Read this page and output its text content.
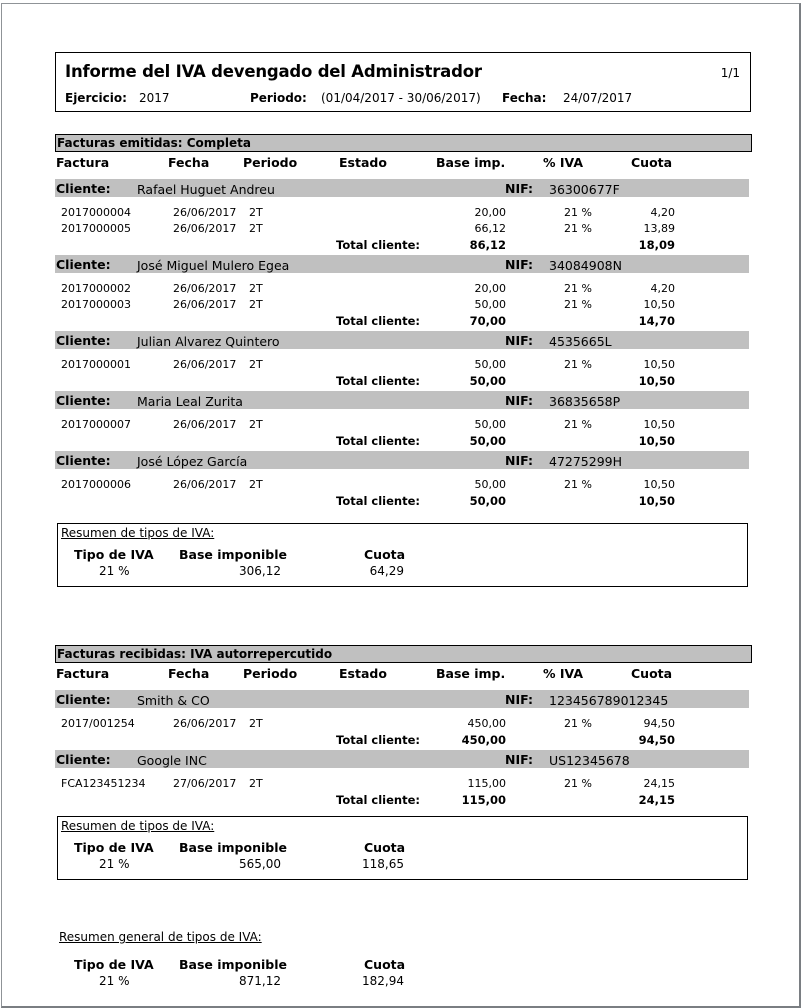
Informe del IVA devengado del Administrador	1/1
Ejercicio: 2017	Periodo: (01/04/2017 - 30/06/2017) Fecha: 24/07/2017
Facturas emitidas: Completa
Factura	Fecha	Periodo	Estado	Base imp.	% IVA	Cuota
Cliente: Rafael Huguet Andreu	NIF: 36300677F
2017000004	26/06/2017 2T	20,00	21 %	4,20
2017000005	26/06/2017 2T	66,12	21 %	13,89
Total cliente:	86,12	18,09
Cliente: José Miguel Mulero Egea	NIF: 34084908N
2017000002	26/06/2017 2T	20,00	21 %	4,20
2017000003	26/06/2017 2T	50,00	21 %	10,50
Total cliente:	70,00	14,70
Cliente: Julian Alvarez Quintero	NIF: 4535665L
2017000001	26/06/2017 2T	50,00	21 %	10,50
Total cliente:	50,00	10,50
Cliente: Maria Leal Zurita	NIF: 36835658P
2017000007	26/06/2017 2T	50,00	21 %	10,50
Total cliente:	50,00	10,50
Cliente: José López García	NIF: 47275299H
2017000006	26/06/2017 2T	50,00	21 %	10,50
Total cliente:	50,00	10,50
Resumen de tipos de IVA:
Tipo de IVA Base imponible	Cuota
21 %	306,12	64,29
Facturas recibidas: IVA autorrepercutido
Factura	Fecha	Periodo	Estado	Base imp.	% IVA	Cuota
Cliente: Smith & CO	NIF: 123456789012345
2017/001254	26/06/2017 2T	450,00	21 %	94,50
Total cliente:	450,00	94,50
Cliente: Google INC	NIF: US12345678
FCA123451234 27/06/2017 2T	115,00	21 %	24,15
Total cliente:	115,00	24,15
Resumen de tipos de IVA:
Tipo de IVA Base imponible	Cuota
21 %	565,00	118,65
Resumen general de tipos de IVA:
Tipo de IVA Base imponible	Cuota
21 %	871,12	182,94
